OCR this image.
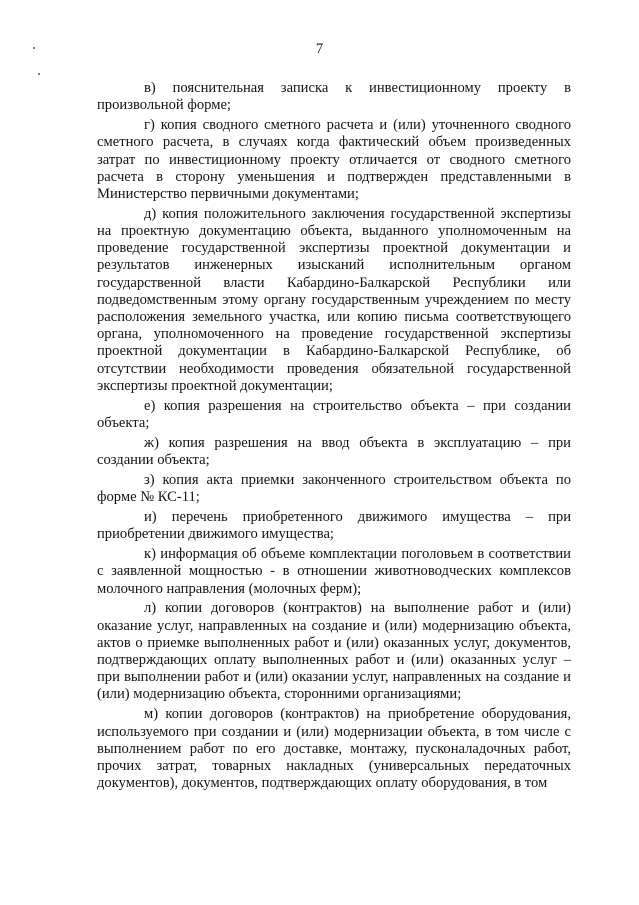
7

в) пояснительная записка к инвестиционному проекту в произвольной форме;

г) копия сводного сметного расчета и (или) уточненного сводного сметного расчета, в случаях когда фактический объем произведенных затрат по инвестиционному проекту отличается от сводного сметного расчета в сторону уменьшения и подтвержден представленными в Министерство первичными документами;

д) копия положительного заключения государственной экспертизы на проектную документацию объекта, выданного уполномоченным на проведение государственной экспертизы проектной документации и результатов инженерных изысканий исполнительным органом государственной власти Кабардино-Балкарской Республики или подведомственным этому органу государственным учреждением по месту расположения земельного участка, или копию письма соответствующего органа, уполномоченного на проведение государственной экспертизы проектной документации в Кабардино-Балкарской Республике, об отсутствии необходимости проведения обязательной государственной экспертизы проектной документации;

е) копия разрешения на строительство объекта – при создании объекта;

ж) копия разрешения на ввод объекта в эксплуатацию – при создании объекта;

з) копия акта приемки законченного строительством объекта по форме № КС-11;

и) перечень приобретенного движимого имущества – при приобретении движимого имущества;

к) информация об объеме комплектации поголовьем в соответствии с заявленной мощностью - в отношении животноводческих комплексов молочного направления (молочных ферм);

л) копии договоров (контрактов) на выполнение работ и (или) оказание услуг, направленных на создание и (или) модернизацию объекта, актов о приемке выполненных работ и (или) оказанных услуг, документов, подтверждающих оплату выполненных работ и (или) оказанных услуг – при выполнении работ и (или) оказании услуг, направленных на создание и (или) модернизацию объекта, сторонними организациями;

м) копии договоров (контрактов) на приобретение оборудования, используемого при создании и (или) модернизации объекта, в том числе с выполнением работ по его доставке, монтажу, пусконаладочных работ, прочих затрат, товарных накладных (универсальных передаточных документов), документов, подтверждающих оплату оборудования, в том
